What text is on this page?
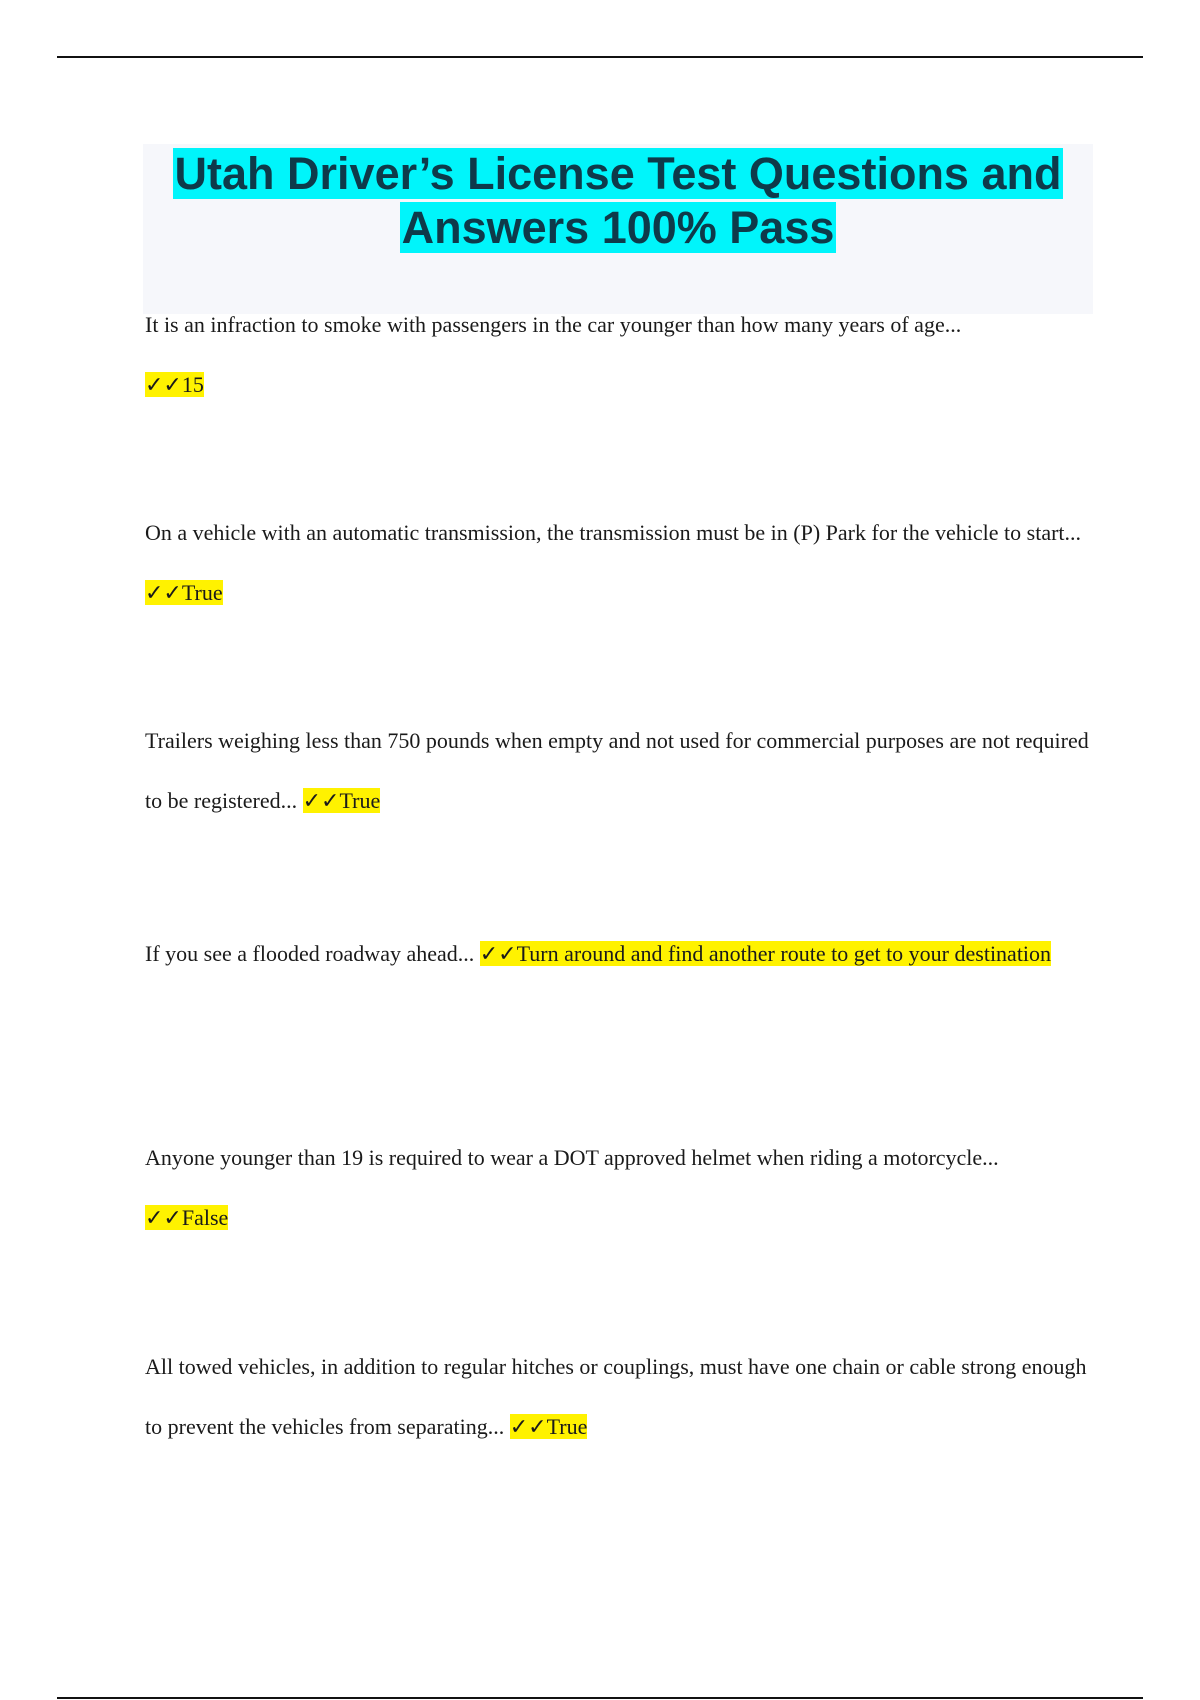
Utah Driver’s License Test Questions and Answers 100% Pass

It is an infraction to smoke with passengers in the car younger than how many years of age...
✓✓15

On a vehicle with an automatic transmission, the transmission must be in (P) Park for the vehicle to start... ✓✓True

Trailers weighing less than 750 pounds when empty and not used for commercial purposes are not required to be registered... ✓✓True

If you see a flooded roadway ahead... ✓✓Turn around and find another route to get to your destination

Anyone younger than 19 is required to wear a DOT approved helmet when riding a motorcycle...
✓✓False

All towed vehicles, in addition to regular hitches or couplings, must have one chain or cable strong enough to prevent the vehicles from separating... ✓✓True
